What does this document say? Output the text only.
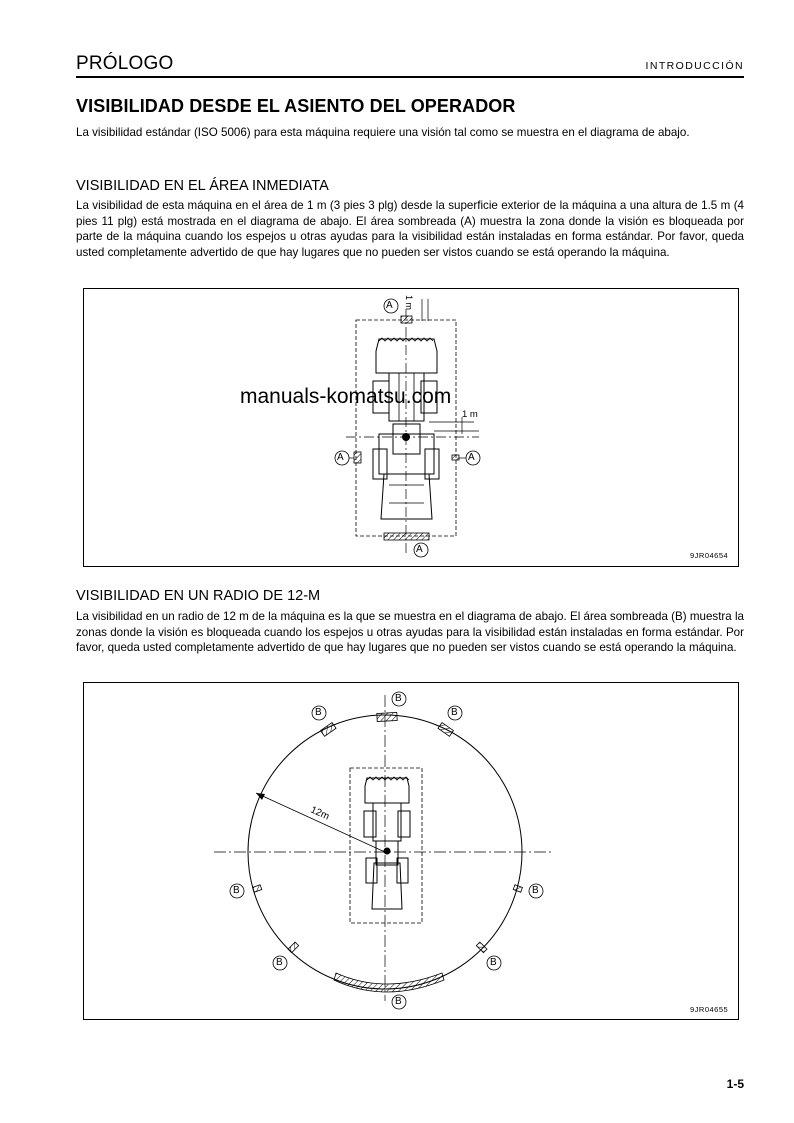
PRÓLOGO	INTRODUCCIÓN
VISIBILIDAD DESDE EL ASIENTO DEL OPERADOR
La visibilidad estándar (ISO 5006) para esta máquina requiere una visión tal como se muestra en el diagrama de abajo.
VISIBILIDAD EN EL ÁREA INMEDIATA
La visibilidad de esta máquina en el área de 1 m (3 pies 3 plg) desde la superficie exterior de la máquina a una altura de 1.5 m (4 pies 11 plg) está mostrada en el diagrama de abajo. El área sombreada (A) muestra la zona donde la visión es bloqueada por parte de la máquina cuando los espejos u otras ayudas para la visibilidad están instaladas en forma estándar. Por favor, queda usted completamente advertido de que hay lugares que no pueden ser vistos cuando se está operando la máquina.
A
A	A
A
1 m
1 m
manuals-komatsu.com
9JR04654
VISIBILIDAD EN UN RADIO DE 12-M
La visibilidad en un radio de 12 m de la máquina es la que se muestra en el diagrama de abajo. El área sombreada (B) muestra la zonas donde la visión es bloqueada cuando los espejos u otras ayudas para la visibilidad están instaladas en forma estándar. Por favor, queda usted completamente advertido de que hay lugares que no pueden ser vistos cuando se está operando la máquina.
B
B	B
B	B
B	B
B
12m
9JR04655
1-5
